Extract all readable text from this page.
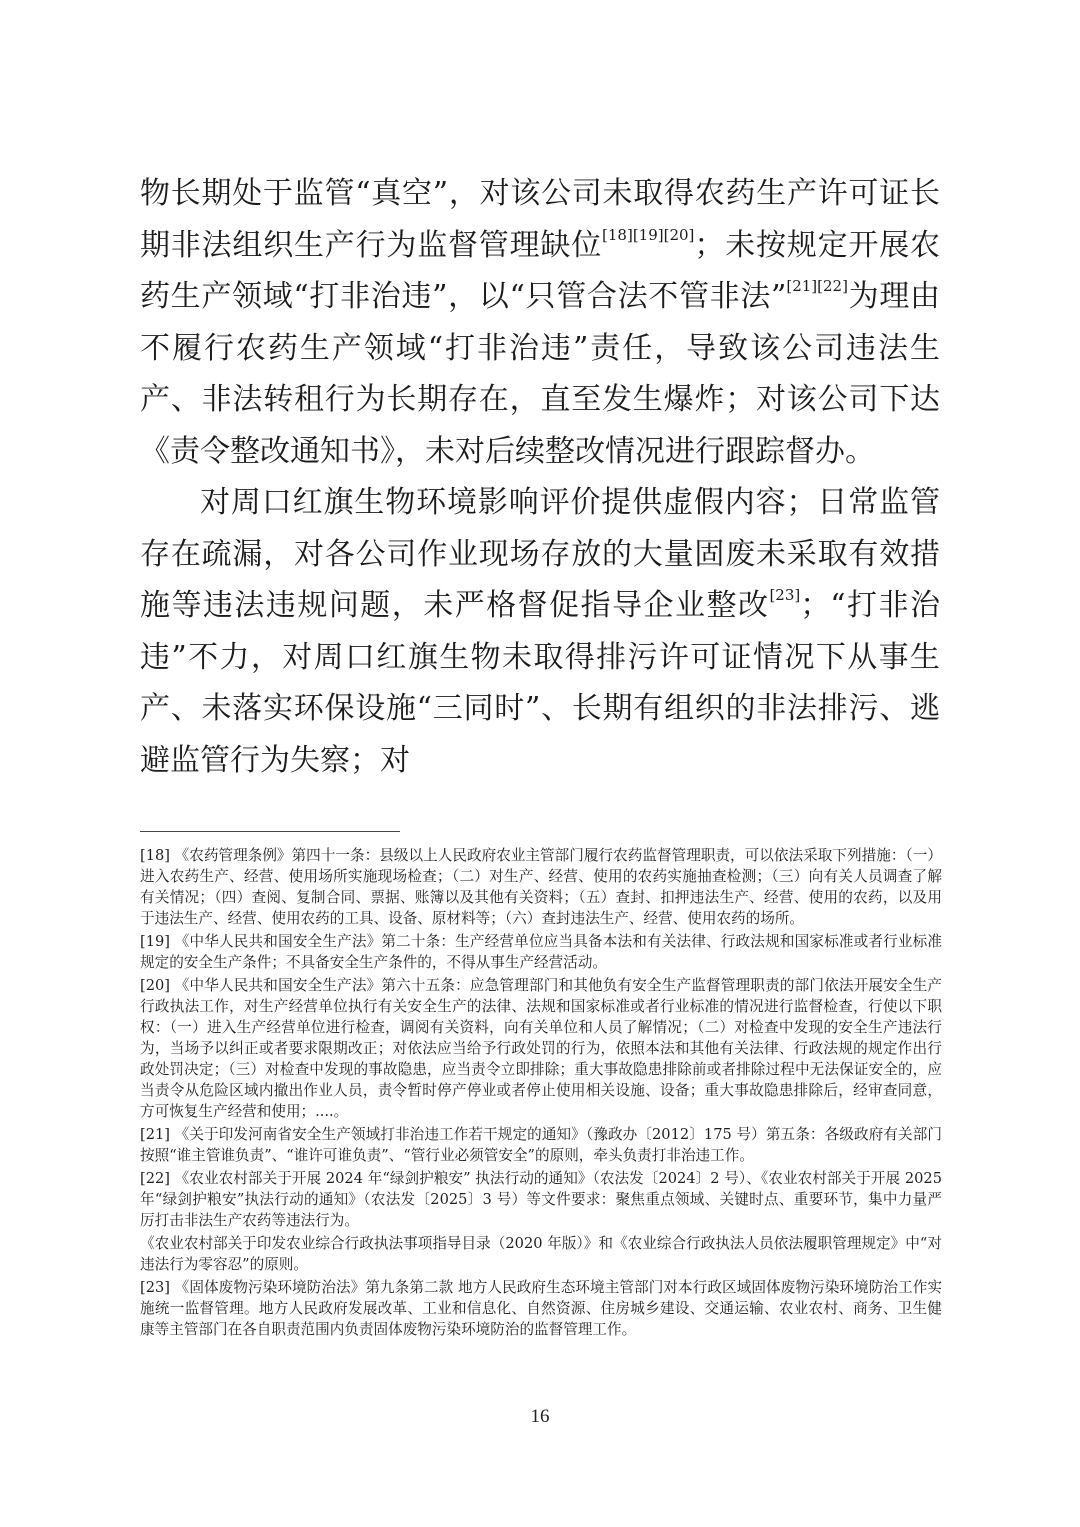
物长期处于监管“真空”，对该公司未取得农药生产许可证长期非法组织生产行为监督管理缺位[18][19][20]；未按规定开展农药生产领域“打非治违”，以“只管合法不管非法”[21][22]为理由不履行农药生产领域“打非治违”责任，导致该公司违法生产、非法转租行为长期存在，直至发生爆炸；对该公司下达《责令整改通知书》，未对后续整改情况进行跟踪督办。

对周口红旗生物环境影响评价提供虚假内容；日常监管存在疏漏，对各公司作业现场存放的大量固废未采取有效措施等违法违规问题，未严格督促指导企业整改[23]；“打非治违”不力，对周口红旗生物未取得排污许可证情况下从事生产、未落实环保设施“三同时”、长期有组织的非法排污、逃避监管行为失察；对

[18] 《农药管理条例》第四十一条：县级以上人民政府农业主管部门履行农药监督管理职责，可以依法采取下列措施：（一）进入农药生产、经营、使用场所实施现场检查；（二）对生产、经营、使用的农药实施抽查检测；（三）向有关人员调查了解有关情况；（四）查阅、复制合同、票据、账簿以及其他有关资料；（五）查封、扣押违法生产、经营、使用的农药，以及用于违法生产、经营、使用农药的工具、设备、原材料等；（六）查封违法生产、经营、使用农药的场所。

[19] 《中华人民共和国安全生产法》第二十条：生产经营单位应当具备本法和有关法律、行政法规和国家标准或者行业标准规定的安全生产条件；不具备安全生产条件的，不得从事生产经营活动。

[20] 《中华人民共和国安全生产法》第六十五条：应急管理部门和其他负有安全生产监督管理职责的部门依法开展安全生产行政执法工作，对生产经营单位执行有关安全生产的法律、法规和国家标准或者行业标准的情况进行监督检查，行使以下职权：（一）进入生产经营单位进行检查，调阅有关资料，向有关单位和人员了解情况；（二）对检查中发现的安全生产违法行为，当场予以纠正或者要求限期改正；对依法应当给予行政处罚的行为，依照本法和其他有关法律、行政法规的规定作出行政处罚决定；（三）对检查中发现的事故隐患，应当责令立即排除；重大事故隐患排除前或者排除过程中无法保证安全的，应当责令从危险区域内撤出作业人员，责令暂时停产停业或者停止使用相关设施、设备；重大事故隐患排除后，经审查同意，方可恢复生产经营和使用；....。

[21] 《关于印发河南省安全生产领域打非治违工作若干规定的通知》（豫政办〔2012〕175 号）第五条：各级政府有关部门按照“谁主管谁负责”、“谁许可谁负责”、“管行业必须管安全”的原则，牵头负责打非治违工作。

[22] 《农业农村部关于开展 2024 年“绿剑护粮安” 执法行动的通知》（农法发〔2024〕2 号）、《农业农村部关于开展 2025 年“绿剑护粮安”执法行动的通知》（农法发〔2025〕3 号）等文件要求：聚焦重点领域、关键时点、重要环节，集中力量严厉打击非法生产农药等违法行为。

《农业农村部关于印发农业综合行政执法事项指导目录（2020 年版）》和《农业综合行政执法人员依法履职管理规定》中“对违法行为零容忍”的原则。

[23] 《固体废物污染环境防治法》第九条第二款 地方人民政府生态环境主管部门对本行政区域固体废物污染环境防治工作实施统一监督管理。地方人民政府发展改革、工业和信息化、自然资源、住房城乡建设、交通运输、农业农村、商务、卫生健康等主管部门在各自职责范围内负责固体废物污染环境防治的监督管理工作。

16
